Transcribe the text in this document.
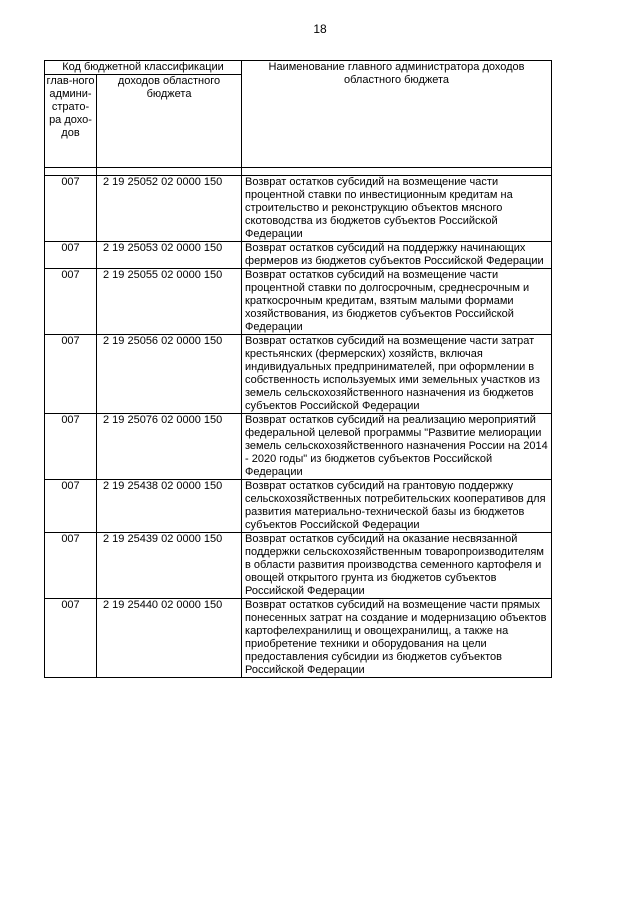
18
Код бюджетной классификации		Наименование главного администратора доходов областного бюджета
глав-ного админи-страто-ра дохо-дов	доходов областного бюджета	

007	2 19 25052 02 0000 150	Возврат остатков субсидий на возмещение части процентной ставки по инвестиционным кредитам на строительство и реконструкцию объектов мясного скотоводства из бюджетов субъектов Российской Федерации
007	2 19 25053 02 0000 150	Возврат остатков субсидий на поддержку начинающих фермеров из бюджетов субъектов Российской Федерации
007	2 19 25055 02 0000 150	Возврат остатков субсидий на возмещение части процентной ставки по долгосрочным, среднесрочным и краткосрочным кредитам, взятым малыми формами хозяйствования, из бюджетов субъектов Российской Федерации
007	2 19 25056 02 0000 150	Возврат остатков субсидий на возмещение части затрат крестьянских (фермерских) хозяйств, включая индивидуальных предпринимателей, при оформлении в собственность используемых ими земельных участков из земель сельскохозяйственного назначения из бюджетов субъектов Российской Федерации
007	2 19 25076 02 0000 150	Возврат остатков субсидий на реализацию мероприятий федеральной целевой программы "Развитие мелиорации земель сельскохозяйственного назначения России на 2014 - 2020 годы" из бюджетов субъектов Российской Федерации
007	2 19 25438 02 0000 150	Возврат остатков субсидий на грантовую поддержку сельскохозяйственных потребительских кооперативов для развития материально-технической базы из бюджетов субъектов Российской Федерации
007	2 19 25439 02 0000 150	Возврат остатков субсидий на оказание несвязанной поддержки сельскохозяйственным товаропроизводителям в области развития производства семенного картофеля и овощей открытого грунта из бюджетов субъектов Российской Федерации
007	2 19 25440 02 0000 150	Возврат остатков субсидий на возмещение части прямых понесенных затрат на создание и модернизацию объектов картофелехранилищ и овощехранилищ, а также на приобретение техники и оборудования на цели предоставления субсидии из бюджетов субъектов Российской Федерации
